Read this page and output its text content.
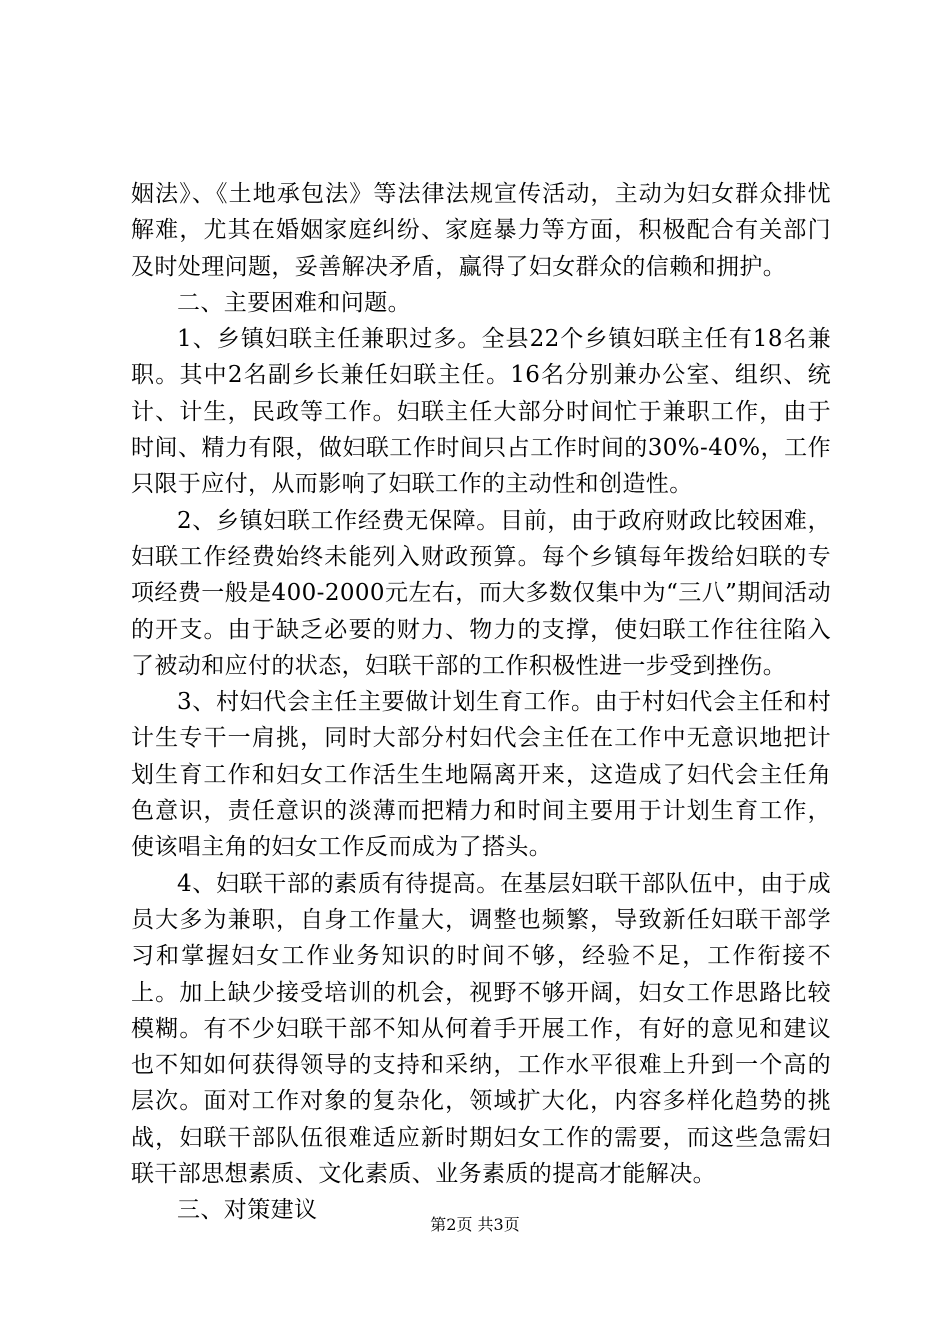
姻法》、《土地承包法》等法律法规宣传活动，主动为妇女群众排忧解难，尤其在婚姻家庭纠纷、家庭暴力等方面，积极配合有关部门及时处理问题，妥善解决矛盾，赢得了妇女群众的信赖和拥护。

二、主要困难和问题。

1、乡镇妇联主任兼职过多。全县22个乡镇妇联主任有18名兼职。其中2名副乡长兼任妇联主任。16名分别兼办公室、组织、统计、计生，民政等工作。妇联主任大部分时间忙于兼职工作，由于时间、精力有限，做妇联工作时间只占工作时间的30%-40%，工作只限于应付，从而影响了妇联工作的主动性和创造性。

2、乡镇妇联工作经费无保障。目前，由于政府财政比较困难，妇联工作经费始终未能列入财政预算。每个乡镇每年拨给妇联的专项经费一般是400-2000元左右，而大多数仅集中为“三八”期间活动的开支。由于缺乏必要的财力、物力的支撑，使妇联工作往往陷入了被动和应付的状态，妇联干部的工作积极性进一步受到挫伤。

3、村妇代会主任主要做计划生育工作。由于村妇代会主任和村计生专干一肩挑，同时大部分村妇代会主任在工作中无意识地把计划生育工作和妇女工作活生生地隔离开来，这造成了妇代会主任角色意识，责任意识的淡薄而把精力和时间主要用于计划生育工作，使该唱主角的妇女工作反而成为了搭头。

4、妇联干部的素质有待提高。在基层妇联干部队伍中，由于成员大多为兼职，自身工作量大，调整也频繁，导致新任妇联干部学习和掌握妇女工作业务知识的时间不够，经验不足，工作衔接不上。加上缺少接受培训的机会，视野不够开阔，妇女工作思路比较模糊。有不少妇联干部不知从何着手开展工作，有好的意见和建议也不知如何获得领导的支持和采纳，工作水平很难上升到一个高的层次。面对工作对象的复杂化，领域扩大化，内容多样化趋势的挑战，妇联干部队伍很难适应新时期妇女工作的需要，而这些急需妇联干部思想素质、文化素质、业务素质的提高才能解决。

三、对策建议

第2页 共3页
